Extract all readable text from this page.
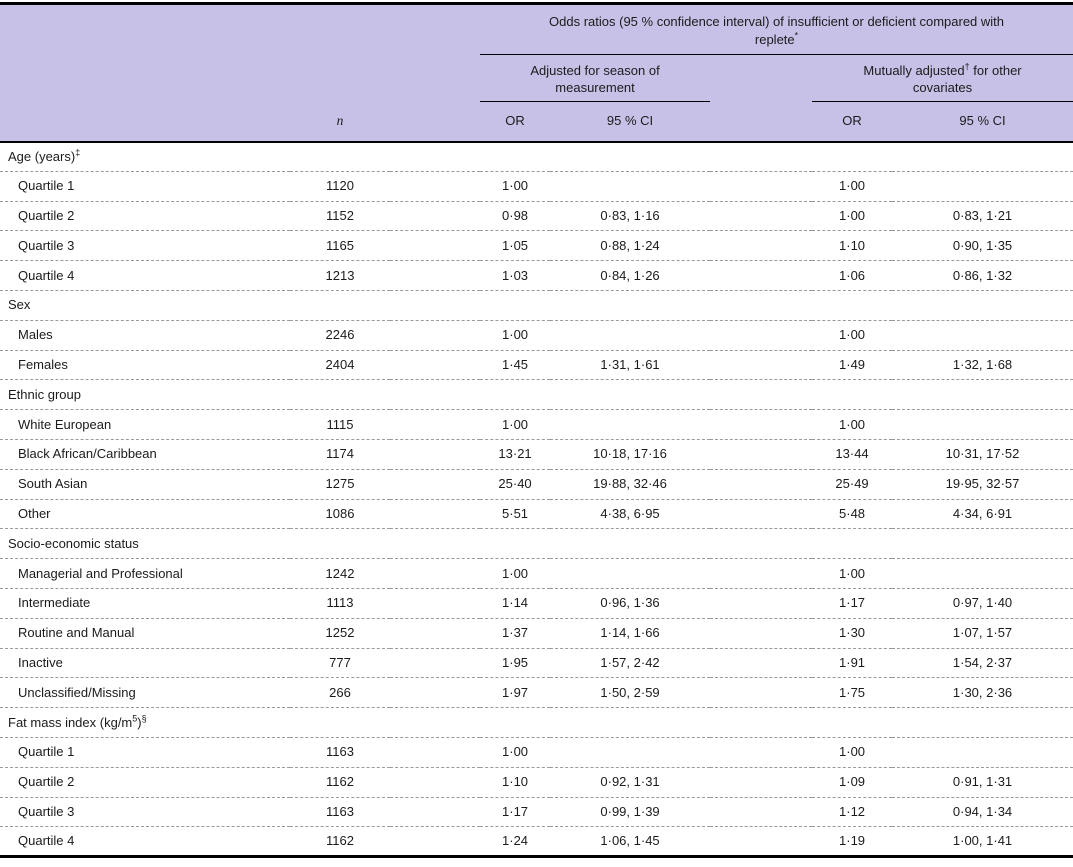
			Odds ratios (95 % confidence interval) of insufficient or deficient compared with
replete*
			Adjusted for season of measurement			Mutually adjusted† for other covariates	
	n		OR	95 % CI		OR	95 % CI
Age (years)‡
Quartile 1	1120		1·00			1·00	
Quartile 2	1152		0·98	0·83, 1·16		1·00	0·83, 1·21
Quartile 3	1165		1·05	0·88, 1·24		1·10	0·90, 1·35
Quartile 4	1213		1·03	0·84, 1·26		1·06	0·86, 1·32
Sex							
Males	2246		1·00			1·00	
Females	2404		1·45	1·31, 1·61		1·49	1·32, 1·68
Ethnic group							
White European	1115		1·00			1·00	
Black African/Caribbean	1174		13·21	10·18, 17·16		13·44	10·31, 17·52
South Asian	1275		25·40	19·88, 32·46		25·49	19·95, 32·57
Other	1086		5·51	4·38, 6·95		5·48	4·34, 6·91
Socio-economic status							
Managerial and Professional	1242		1·00			1·00	
Intermediate	1113		1·14	0·96, 1·36		1·17	0·97, 1·40
Routine and Manual	1252		1·37	1·14, 1·66		1·30	1·07, 1·57
Inactive	777		1·95	1·57, 2·42		1·91	1·54, 2·37
Unclassified/Missing	266		1·97	1·50, 2·59		1·75	1·30, 2·36
Fat mass index $(kg/m^5)^\S$
Quartile 1	1163		1·00			1·00	
Quartile 2	1162		1·10	0·92, 1·31		1·09	0·91, 1·31
Quartile 3	1163		1·17	0·99, 1·39		1·12	0·94, 1·34
Quartile 4	1162		1·24	1·06, 1·45		1·19	1·00, 1·41
